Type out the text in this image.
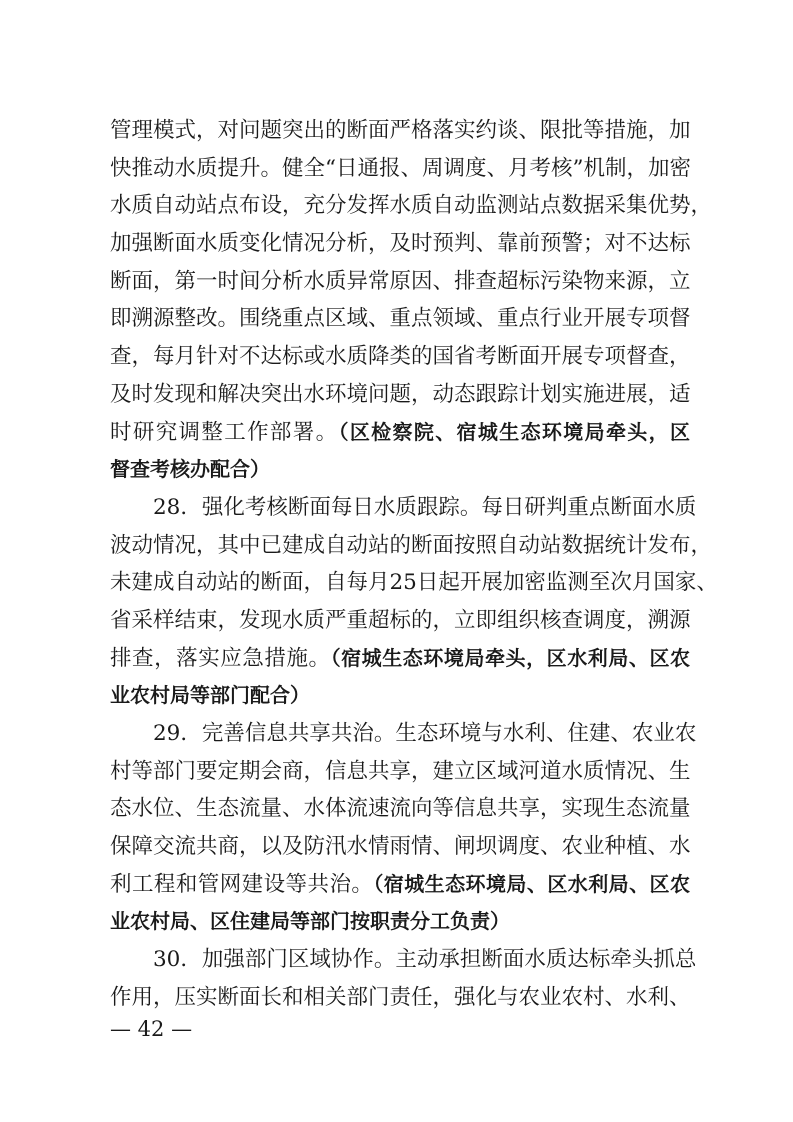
管理模式，对问题突出的断面严格落实约谈、限批等措施，加
快推动水质提升。健全“日通报、周调度、月考核”机制，加密
水质自动站点布设，充分发挥水质自动监测站点数据采集优势，
加强断面水质变化情况分析，及时预判、靠前预警；对不达标
断面，第一时间分析水质异常原因、排查超标污染物来源，立
即溯源整改。围绕重点区域、重点领域、重点行业开展专项督
查，每月针对不达标或水质降类的国省考断面开展专项督查，
及时发现和解决突出水环境问题，动态跟踪计划实施进展，适
时研究调整工作部署。（区检察院、宿城生态环境局牵头，区
督查考核办配合）
28．强化考核断面每日水质跟踪。每日研判重点断面水质
波动情况，其中已建成自动站的断面按照自动站数据统计发布，
未建成自动站的断面，自每月25日起开展加密监测至次月国家、
省采样结束，发现水质严重超标的，立即组织核查调度，溯源
排查，落实应急措施。（宿城生态环境局牵头，区水利局、区农
业农村局等部门配合）
29．完善信息共享共治。生态环境与水利、住建、农业农
村等部门要定期会商，信息共享，建立区域河道水质情况、生
态水位、生态流量、水体流速流向等信息共享，实现生态流量
保障交流共商，以及防汛水情雨情、闸坝调度、农业种植、水
利工程和管网建设等共治。（宿城生态环境局、区水利局、区农
业农村局、区住建局等部门按职责分工负责）
30．加强部门区域协作。主动承担断面水质达标牵头抓总
作用，压实断面长和相关部门责任，强化与农业农村、水利、
— 42 —
